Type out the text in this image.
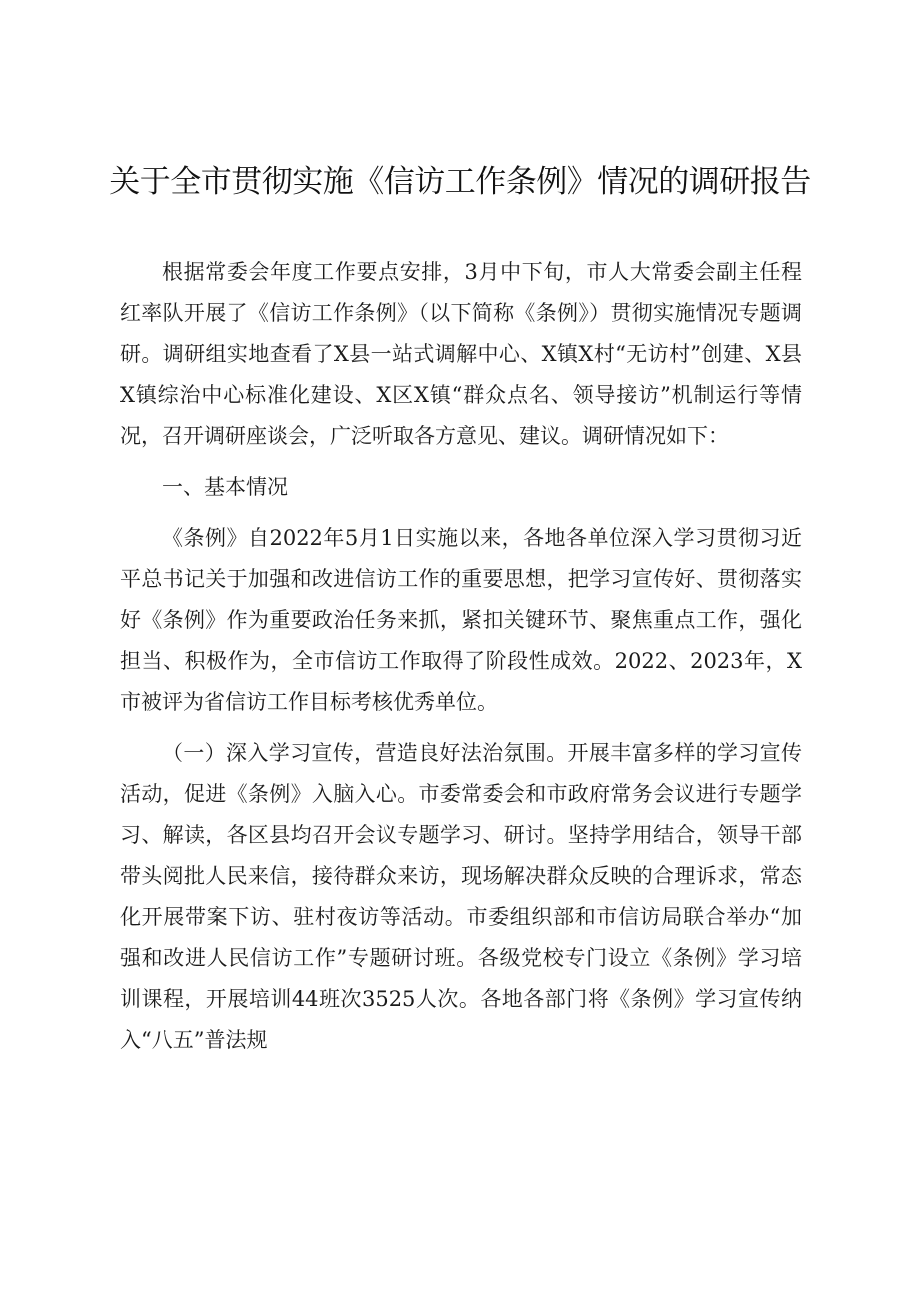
关于全市贯彻实施《信访工作条例》情况的调研报告

根据常委会年度工作要点安排，3月中下旬，市人大常委会副主任程红率队开展了《信访工作条例》（以下简称《条例》）贯彻实施情况专题调研。调研组实地查看了X县一站式调解中心、X镇X村“无访村”创建、X县X镇综治中心标准化建设、X区X镇“群众点名、领导接访”机制运行等情况，召开调研座谈会，广泛听取各方意见、建议。调研情况如下：

一、基本情况

《条例》自2022年5月1日实施以来，各地各单位深入学习贯彻习近平总书记关于加强和改进信访工作的重要思想，把学习宣传好、贯彻落实好《条例》作为重要政治任务来抓，紧扣关键环节、聚焦重点工作，强化担当、积极作为，全市信访工作取得了阶段性成效。2022、2023年，X市被评为省信访工作目标考核优秀单位。

（一）深入学习宣传，营造良好法治氛围。开展丰富多样的学习宣传活动，促进《条例》入脑入心。市委常委会和市政府常务会议进行专题学习、解读，各区县均召开会议专题学习、研讨。坚持学用结合，领导干部带头阅批人民来信，接待群众来访，现场解决群众反映的合理诉求，常态化开展带案下访、驻村夜访等活动。市委组织部和市信访局联合举办“加强和改进人民信访工作”专题研讨班。各级党校专门设立《条例》学习培训课程，开展培训44班次3525人次。各地各部门将《条例》学习宣传纳入“八五”普法规
